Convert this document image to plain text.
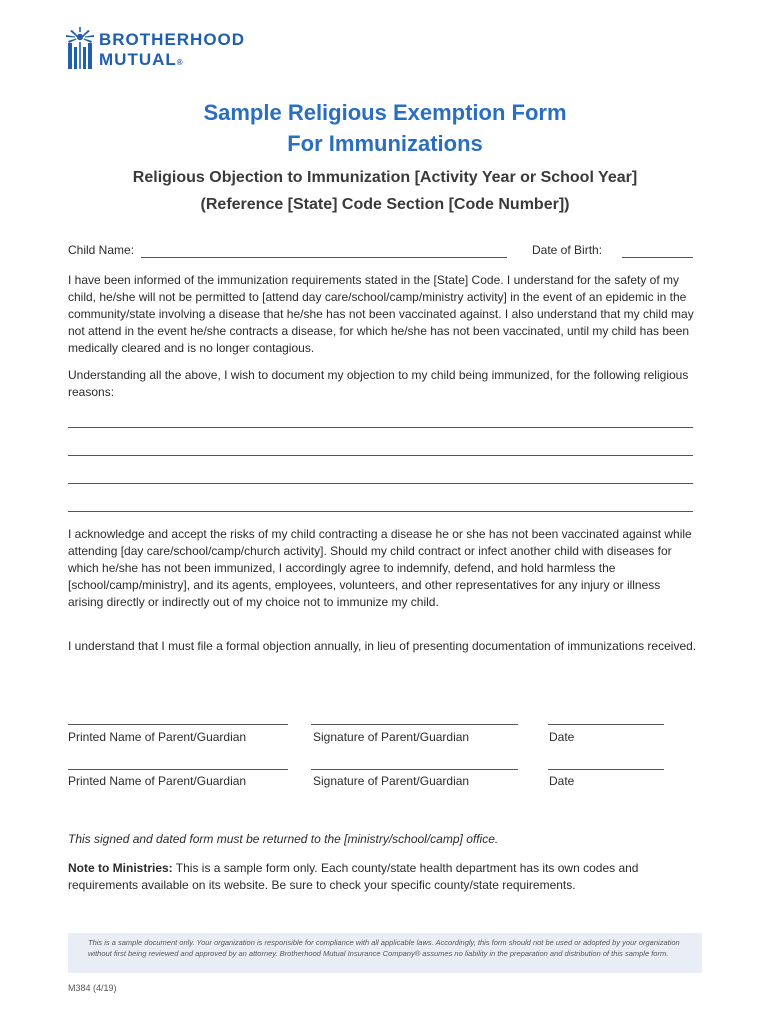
BROTHERHOOD
MUTUAL®
Sample Religious Exemption Form
For Immunizations
Religious Objection to Immunization [Activity Year or School Year]
(Reference [State] Code Section [Code Number])
Child Name:	Date of Birth:
I have been informed of the immunization requirements stated in the [State] Code. I understand for the safety of my child, he/she will not be permitted to [attend day care/school/camp/ministry activity] in the event of an epidemic in the community/state involving a disease that he/she has not been vaccinated against. I also understand that my child may not attend in the event he/she contracts a disease, for which he/she has not been vaccinated, until my child has been medically cleared and is no longer contagious.
Understanding all the above, I wish to document my objection to my child being immunized, for the following religious reasons:
I acknowledge and accept the risks of my child contracting a disease he or she has not been vaccinated against while attending [day care/school/camp/church activity]. Should my child contract or infect another child with diseases for which he/she has not been immunized, I accordingly agree to indemnify, defend, and hold harmless the [school/camp/ministry], and its agents, employees, volunteers, and other representatives for any injury or illness arising directly or indirectly out of my choice not to immunize my child.
I understand that I must file a formal objection annually, in lieu of presenting documentation of immunizations received.
Printed Name of Parent/Guardian	Signature of Parent/Guardian	Date
Printed Name of Parent/Guardian	Signature of Parent/Guardian	Date
This signed and dated form must be returned to the [ministry/school/camp] office.
Note to Ministries: This is a sample form only. Each county/state health department has its own codes and requirements available on its website. Be sure to check your specific county/state requirements.
This is a sample document only. Your organization is responsible for compliance with all applicable laws. Accordingly, this form should not be used or adopted by your organization without first being reviewed and approved by an attorney. Brotherhood Mutual Insurance Company® assumes no liability in the preparation and distribution of this sample form.
M384 (4/19)
